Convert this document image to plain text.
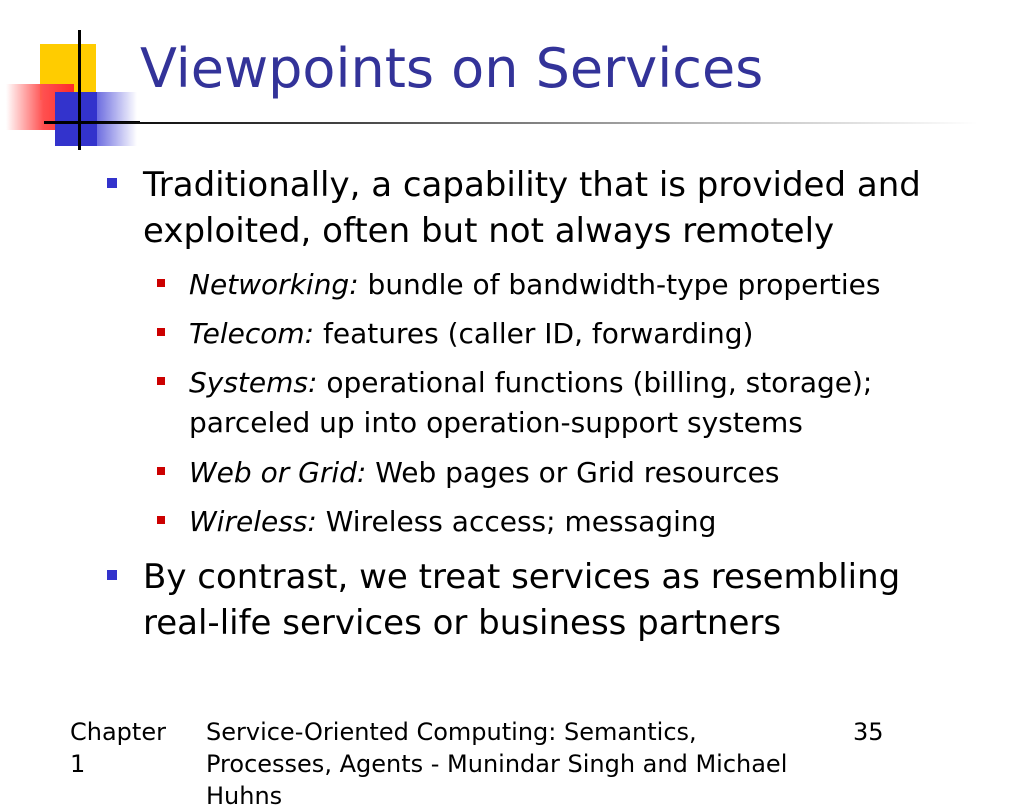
Viewpoints on Services
Traditionally, a capability that is provided and exploited, often but not always remotely
Networking: bundle of bandwidth-type properties
Telecom: features (caller ID, forwarding)
Systems: operational functions (billing, storage); parceled up into operation-support systems
Web or Grid: Web pages or Grid resources
Wireless: Wireless access; messaging
By contrast, we treat services as resembling real-life services or business partners
Chapter 1
Service-Oriented Computing: Semantics, Processes, Agents - Munindar Singh and Michael Huhns
35
